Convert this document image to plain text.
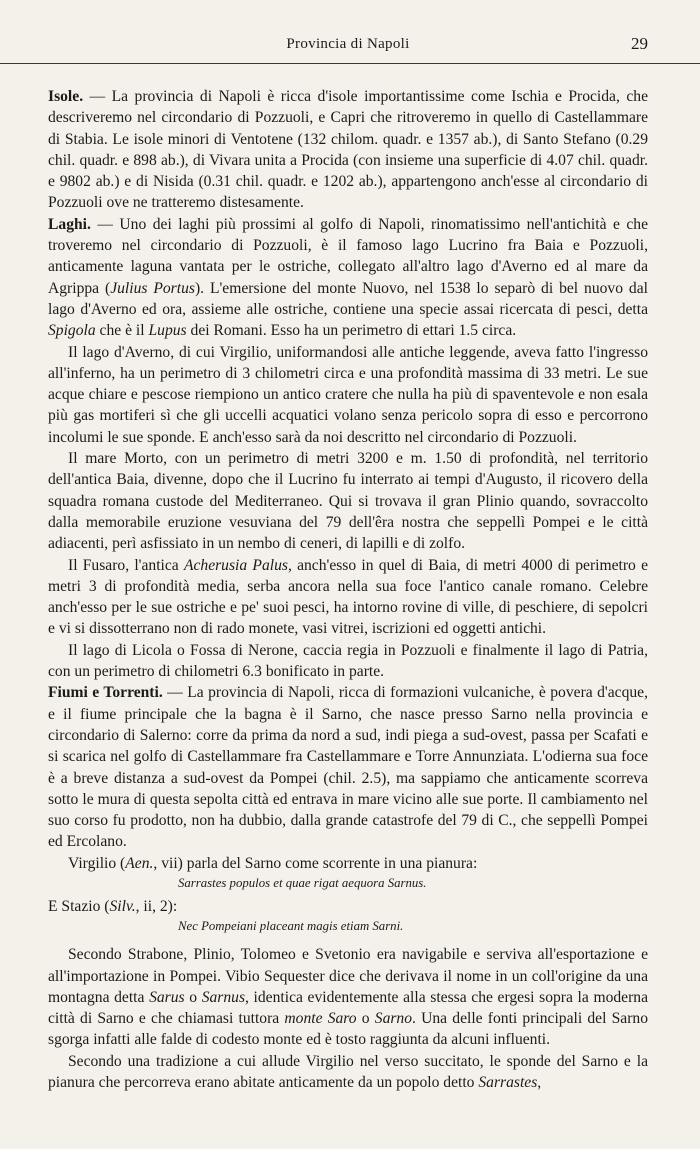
Provincia di Napoli	29

Isole. — La provincia di Napoli è ricca d'isole importantissime come Ischia e Procida, che descriveremo nel circondario di Pozzuoli, e Capri che ritroveremo in quello di Castellammare di Stabia. Le isole minori di Ventotene (132 chilom. quadr. e 1357 ab.), di Santo Stefano (0.29 chil. quadr. e 898 ab.), di Vivara unita a Procida (con insieme una superficie di 4.07 chil. quadr. e 9802 ab.) e di Nisida (0.31 chil. quadr. e 1202 ab.), appartengono anch'esse al circondario di Pozzuoli ove ne tratteremo distesamente.

Laghi. — Uno dei laghi più prossimi al golfo di Napoli, rinomatissimo nell'antichità e che troveremo nel circondario di Pozzuoli, è il famoso lago Lucrino fra Baia e Pozzuoli, anticamente laguna vantata per le ostriche, collegato all'altro lago d'Averno ed al mare da Agrippa (Julius Portus). L'emersione del monte Nuovo, nel 1538 lo separò di bel nuovo dal lago d'Averno ed ora, assieme alle ostriche, contiene una specie assai ricercata di pesci, detta Spigola che è il Lupus dei Romani. Esso ha un perimetro di ettari 1.5 circa.

Il lago d'Averno, di cui Virgilio, uniformandosi alle antiche leggende, aveva fatto l'ingresso all'inferno, ha un perimetro di 3 chilometri circa e una profondità massima di 33 metri. Le sue acque chiare e pescose riempiono un antico cratere che nulla ha più di spaventevole e non esala più gas mortiferi sì che gli uccelli acquatici volano senza pericolo sopra di esso e percorrono incolumi le sue sponde. E anch'esso sarà da noi descritto nel circondario di Pozzuoli.

Il mare Morto, con un perimetro di metri 3200 e m. 1.50 di profondità, nel territorio dell'antica Baia, divenne, dopo che il Lucrino fu interrato ai tempi d'Augusto, il ricovero della squadra romana custode del Mediterraneo. Qui si trovava il gran Plinio quando, sovraccolto dalla memorabile eruzione vesuviana del 79 dell'êra nostra che seppellì Pompei e le città adiacenti, perì asfissiato in un nembo di ceneri, di lapilli e di zolfo.

Il Fusaro, l'antica Acherusia Palus, anch'esso in quel di Baia, di metri 4000 di perimetro e metri 3 di profondità media, serba ancora nella sua foce l'antico canale romano. Celebre anch'esso per le sue ostriche e pe' suoi pesci, ha intorno rovine di ville, di peschiere, di sepolcri e vi si dissotterrano non di rado monete, vasi vitrei, iscrizioni ed oggetti antichi.

Il lago di Licola o Fossa di Nerone, caccia regia in Pozzuoli e finalmente il lago di Patria, con un perimetro di chilometri 6.3 bonificato in parte.

Fiumi e Torrenti. — La provincia di Napoli, ricca di formazioni vulcaniche, è povera d'acque, e il fiume principale che la bagna è il Sarno, che nasce presso Sarno nella provincia e circondario di Salerno: corre da prima da nord a sud, indi piega a sud-ovest, passa per Scafati e si scarica nel golfo di Castellammare fra Castellammare e Torre Annunziata. L'odierna sua foce è a breve distanza a sud-ovest da Pompei (chil. 2.5), ma sappiamo che anticamente scorreva sotto le mura di questa sepolta città ed entrava in mare vicino alle sue porte. Il cambiamento nel suo corso fu prodotto, non ha dubbio, dalla grande catastrofe del 79 di C., che seppellì Pompei ed Ercolano.

Virgilio (Aen., vii) parla del Sarno come scorrente in una pianura:

Sarrastes populos et quae rigat aequora Sarnus.

E Stazio (Silv., ii, 2):

Nec Pompeiani placeant magis etiam Sarni.

Secondo Strabone, Plinio, Tolomeo e Svetonio era navigabile e serviva all'esportazione e all'importazione in Pompei. Vibio Sequester dice che derivava il nome in un coll'origine da una montagna detta Sarus o Sarnus, identica evidentemente alla stessa che ergesi sopra la moderna città di Sarno e che chiamasi tuttora monte Saro o Sarno. Una delle fonti principali del Sarno sgorga infatti alle falde di codesto monte ed è tosto raggiunta da alcuni influenti.

Secondo una tradizione a cui allude Virgilio nel verso succitato, le sponde del Sarno e la pianura che percorreva erano abitate anticamente da un popolo detto Sarrastes,
